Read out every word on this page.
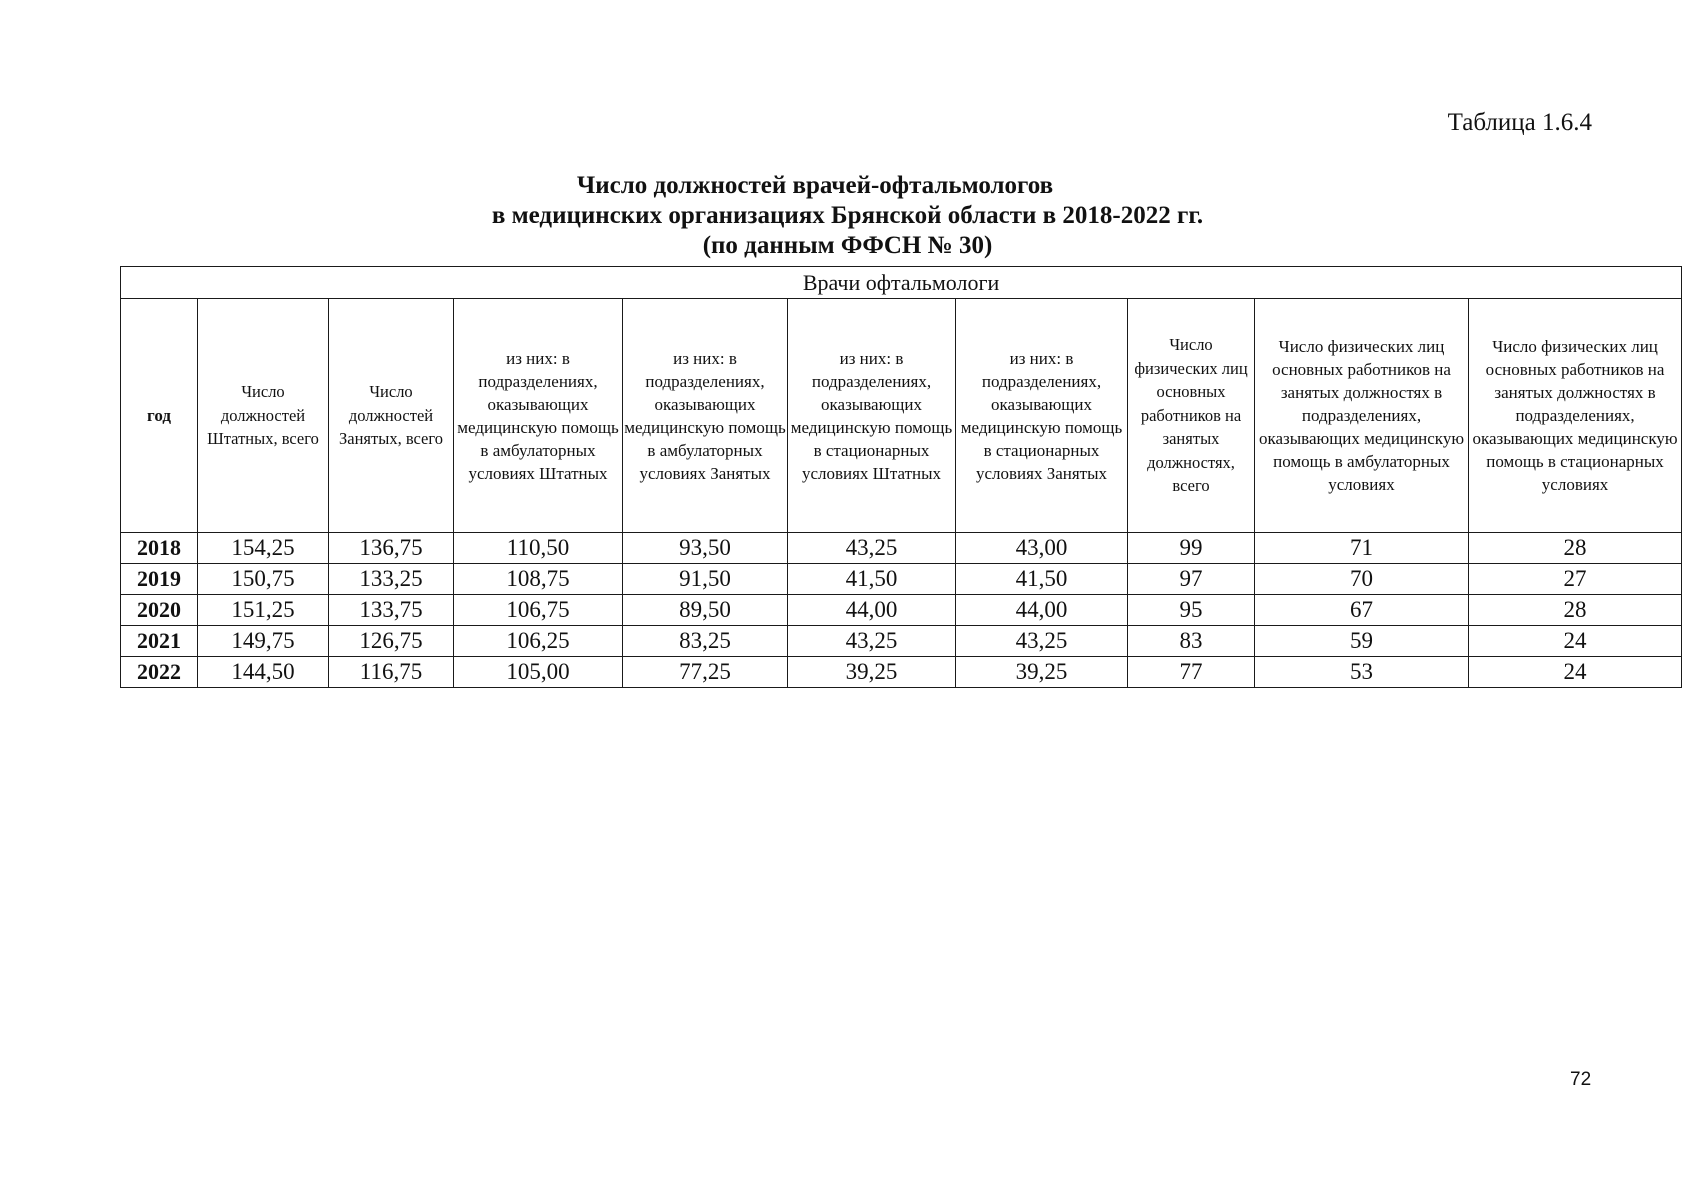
Таблица 1.6.4
Число должностей врачей-офтальмологов
в медицинских организациях Брянской области в 2018-2022 гг.
(по данным ФФСН № 30)
Врачи офтальмологи									
год	Число должностей Штатных, всего	Число должностей Занятых, всего	из них: в подразделениях, оказывающих медицинскую помощь в амбулаторных условиях Штатных	из них: в подразделениях, оказывающих медицинскую помощь в амбулаторных условиях Занятых	из них: в подразделениях, оказывающих медицинскую помощь в стационарных условиях Штатных	из них: в подразделениях, оказывающих медицинскую помощь в стационарных условиях Занятых	Число физических лиц основных работников на занятых должностях, всего	Число физических лиц основных работников на занятых должностях в подразделениях, оказывающих медицинскую помощь в амбулаторных условиях	Число физических лиц основных работников на занятых должностях в подразделениях, оказывающих медицинскую помощь в стационарных условиях
2018	154,25	136,75	110,50	93,50	43,25	43,00	99	71	28
2019	150,75	133,25	108,75	91,50	41,50	41,50	97	70	27
2020	151,25	133,75	106,75	89,50	44,00	44,00	95	67	28
2021	149,75	126,75	106,25	83,25	43,25	43,25	83	59	24
2022	144,50	116,75	105,00	77,25	39,25	39,25	77	53	24
72
